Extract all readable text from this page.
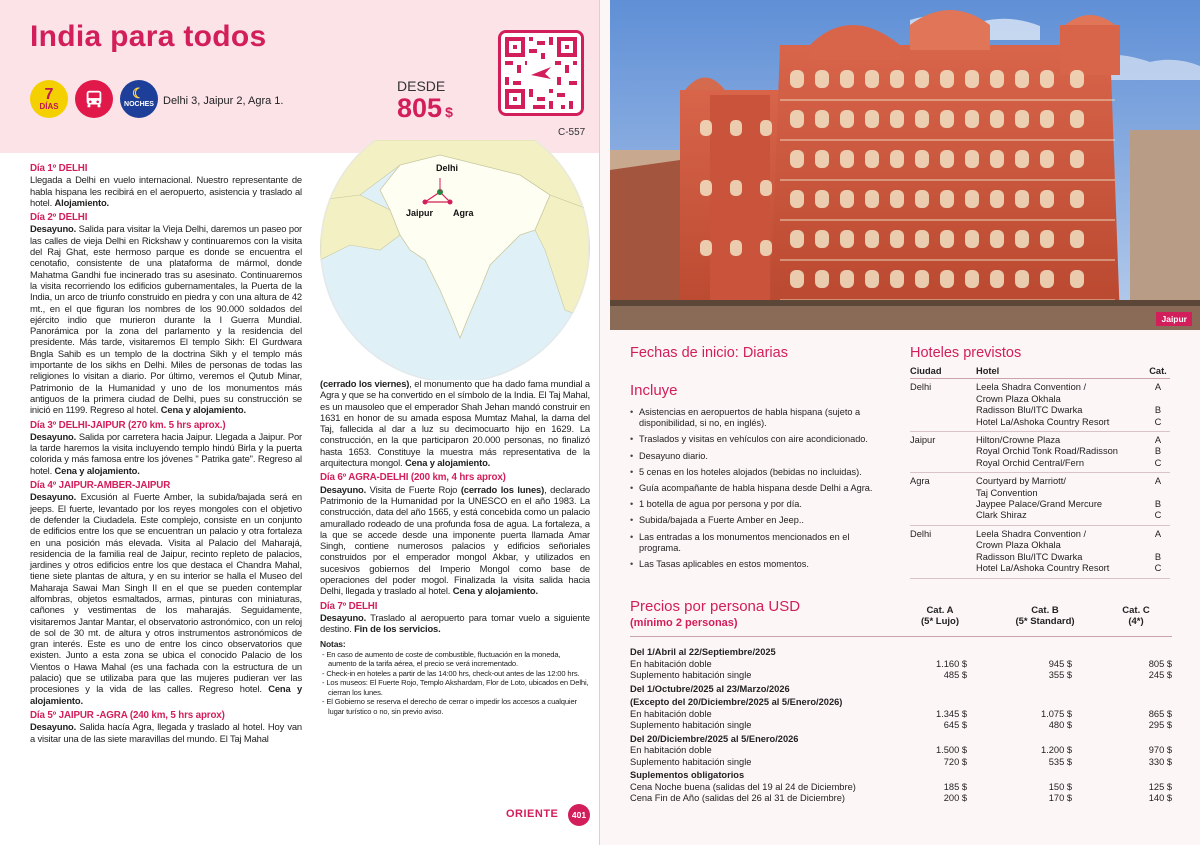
India para todos
7
DÍAS
☾
NOCHES Delhi 3, Jaipur 2, Agra 1.
DESDE
805 $
C-557
Delhi
Jaipur Agra
Día 1º DELHI

Llegada a Delhi en vuelo internacional. Nuestro representante de habla hispana les recibirá en el aeropuerto, asistencia y traslado al hotel. Alojamiento.

Día 2º DELHI

Desayuno. Salida para visitar la Vieja Delhi, daremos un paseo por las calles de vieja Delhi en Rickshaw y continuaremos con la visita del Raj Ghat, este hermoso parque es donde se encuentra el cenotafio, consistente de una plataforma de mármol, donde Mahatma Gandhi fue incinerado tras su asesinato. Continuaremos la visita recorriendo los edificios gubernamentales, la Puerta de la India, un arco de triunfo construido en piedra y con una altura de 42 mt., en el que figuran los nombres de los 90.000 soldados del ejército indio que murieron durante la I Guerra Mundial. Panorámica por la zona del parlamento y la residencia del presidente. Más tarde, visitaremos El templo Sikh: El Gurdwara Bngla Sahib es un templo de la doctrina Sikh y el templo más importante de los sikhs en Delhi. Miles de personas de todas las religiones lo visitan a diario. Por último, veremos el Qutub Minar, Patrimonio de la Humanidad y uno de los monumentos más antiguos de la primera ciudad de Delhi, pues su construcción se inició en 1199. Regreso al hotel. Cena y alojamiento.

Día 3º DELHI-JAIPUR (270 km. 5 hrs aprox.)

Desayuno. Salida por carretera hacia Jaipur. Llegada a Jaipur. Por la tarde haremos la visita incluyendo templo hindú Birla y la puerta colorida y más famosa entre los jóvenes " Patrika gate". Regreso al hotel. Cena y alojamiento.

Día 4º JAIPUR-AMBER-JAIPUR

Desayuno. Excusión al Fuerte Amber, la subida/bajada será en jeeps. El fuerte, levantado por los reyes mongoles con el objetivo de defender la Ciudadela. Este complejo, consiste en un conjunto de edificios entre los que se encuentran un palacio y otra fortaleza en una posición más elevada. Visita al Palacio del Maharajá, residencia de la familia real de Jaipur, recinto repleto de palacios, jardines y otros edificios entre los que destaca el Chandra Mahal, tiene siete plantas de altura, y en su interior se halla el Museo del Maharaja Sawai Man Singh II en el que se pueden contemplar alfombras, objetos esmaltados, armas, pinturas con miniaturas, cañones y vestimentas de los maharajás. Seguidamente, visitaremos Jantar Mantar, el observatorio astronómico, con un reloj de sol de 30 mt. de altura y otros instrumentos astronómicos de gran interés. Este es uno de entre los cinco observatorios que existen. Junto a esta zona se ubica el conocido Palacio de los Vientos o Hawa Mahal (es una fachada con la estructura de un palacio) que se utilizaba para que las mujeres pudieran ver las procesiones y la vida de las calles. Regreso hotel. Cena y alojamiento.

Día 5º JAIPUR -AGRA (240 km, 5 hrs aprox)

Desayuno. Salida hacía Agra, llegada y traslado al hotel. Hoy van a visitar una de las siete maravillas del mundo. El Taj Mahal

(cerrado los viernes), el monumento que ha dado fama mundial a Agra y que se ha convertido en el símbolo de la India. El Taj Mahal, es un mausoleo que el emperador Shah Jehan mandó construir en 1631 en honor de su amada esposa Mumtaz Mahal, la dama del Taj, fallecida al dar a luz su decimocuarto hijo en 1629. La construcción, en la que participaron 20.000 personas, no finalizó hasta 1653. Constituye la muestra más representativa de la arquitectura mongol. Cena y alojamiento.

Día 6º AGRA-DELHI (200 km, 4 hrs aprox)

Desayuno. Visita de Fuerte Rojo (cerrado los lunes), declarado Patrimonio de la Humanidad por la UNESCO en el año 1983. La construcción, data del año 1565, y está concebida como un palacio amurallado rodeado de una profunda fosa de agua. La fortaleza, a la que se accede desde una imponente puerta llamada Amar Singh, contiene numerosos palacios y edificios señoriales construidos por el emperador mongol Akbar, y utilizados en sucesivos gobiernos del Imperio Mongol como base de operaciones del poder mogol. Finalizada la visita salida hacia Delhi, llegada y traslado al hotel. Cena y alojamiento.

Día 7º DELHI

Desayuno. Traslado al aeropuerto para tomar vuelo a siguiente destino. Fin de los servicios.

Notas:
- En caso de aumento de coste de combustible, fluctuación en la moneda, aumento de la tarifa aérea, el precio se verá incrementado.
- Check-in en hoteles a partir de las 14:00 hrs, check-out antes de las 12:00 hrs.
- Los museos: El Fuerte Rojo, Templo Akshardam, Flor de Loto, ubicados en Delhi, cierran los lunes.
- El Gobierno se reserva el derecho de cerrar o impedir los accesos a cualquier lugar turístico o no, sin previo aviso.
ORIENTE	401
Jaipur
Fechas de inicio: Diarias
Incluye
• Asistencias en aeropuertos de habla hispana (sujeto a disponibilidad, si no, en inglés).
• Traslados y visitas en vehículos con aire acondicionado.
• Desayuno diario.
• 5 cenas en los hoteles alojados (bebidas no incluidas).
• Guía acompañante de habla hispana desde Delhi a Agra.
• 1 botella de agua por persona y por día.
• Subida/bajada a Fuerte Amber en Jeep..
• Las entradas a los monumentos mencionados en el programa.
• Las Tasas aplicables en estos momentos.
Hoteles previstos
Ciudad	Hotel	Cat.
Delhi	Leela Shadra Convention /	A
Crown Plaza Okhala
Radisson Blu/ITC Dwarka	B
Hotel La/Ashoka Country Resort	C
Jaipur	Hilton/Crowne Plaza	A
Royal Orchid Tonk Road/Radisson	B
Royal Orchid Central/Fern	C
Agra	Courtyard by Marriott/	A
Taj Convention
Jaypee Palace/Grand Mercure	B
Clark Shiraz	C
Delhi	Leela Shadra Convention /	A
Crown Plaza Okhala
Radisson Blu/ITC Dwarka	B
Hotel La/Ashoka Country Resort	C
Precios por persona USD
(mínimo 2 personas)
Cat. A
(5* Lujo)
Cat. B
(5* Standard)
Cat. C
(4*)
Del 1/Abril al 22/Septiembre/2025
En habitación doble	1.160 $	945 $	805 $
Suplemento habitación single	485 $	355 $	245 $
Del 1/Octubre/2025 al 23/Marzo/2026
(Excepto del 20/Diciembre/2025 al 5/Enero/2026)
En habitación doble	1.345 $	1.075 $	865 $
Suplemento habitación single	645 $	480 $	295 $
Del 20/Diciembre/2025 al 5/Enero/2026
En habitación doble	1.500 $	1.200 $	970 $
Suplemento habitación single	720 $	535 $	330 $
Suplementos obligatorios
Cena Noche buena (salidas del 19 al 24 de Diciembre)	185 $	150 $	125 $
Cena Fin de Año (salidas del 26 al 31 de Diciembre)	200 $	170 $	140 $
